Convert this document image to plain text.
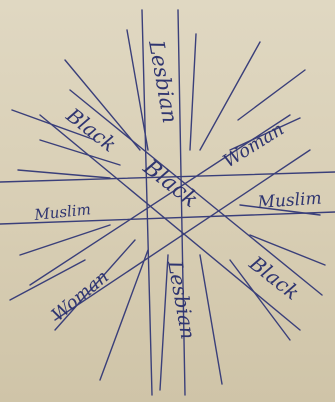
Lesbian
Lesbian
Black
Black
Black
Woman
Woman
Muslim	Muslim
